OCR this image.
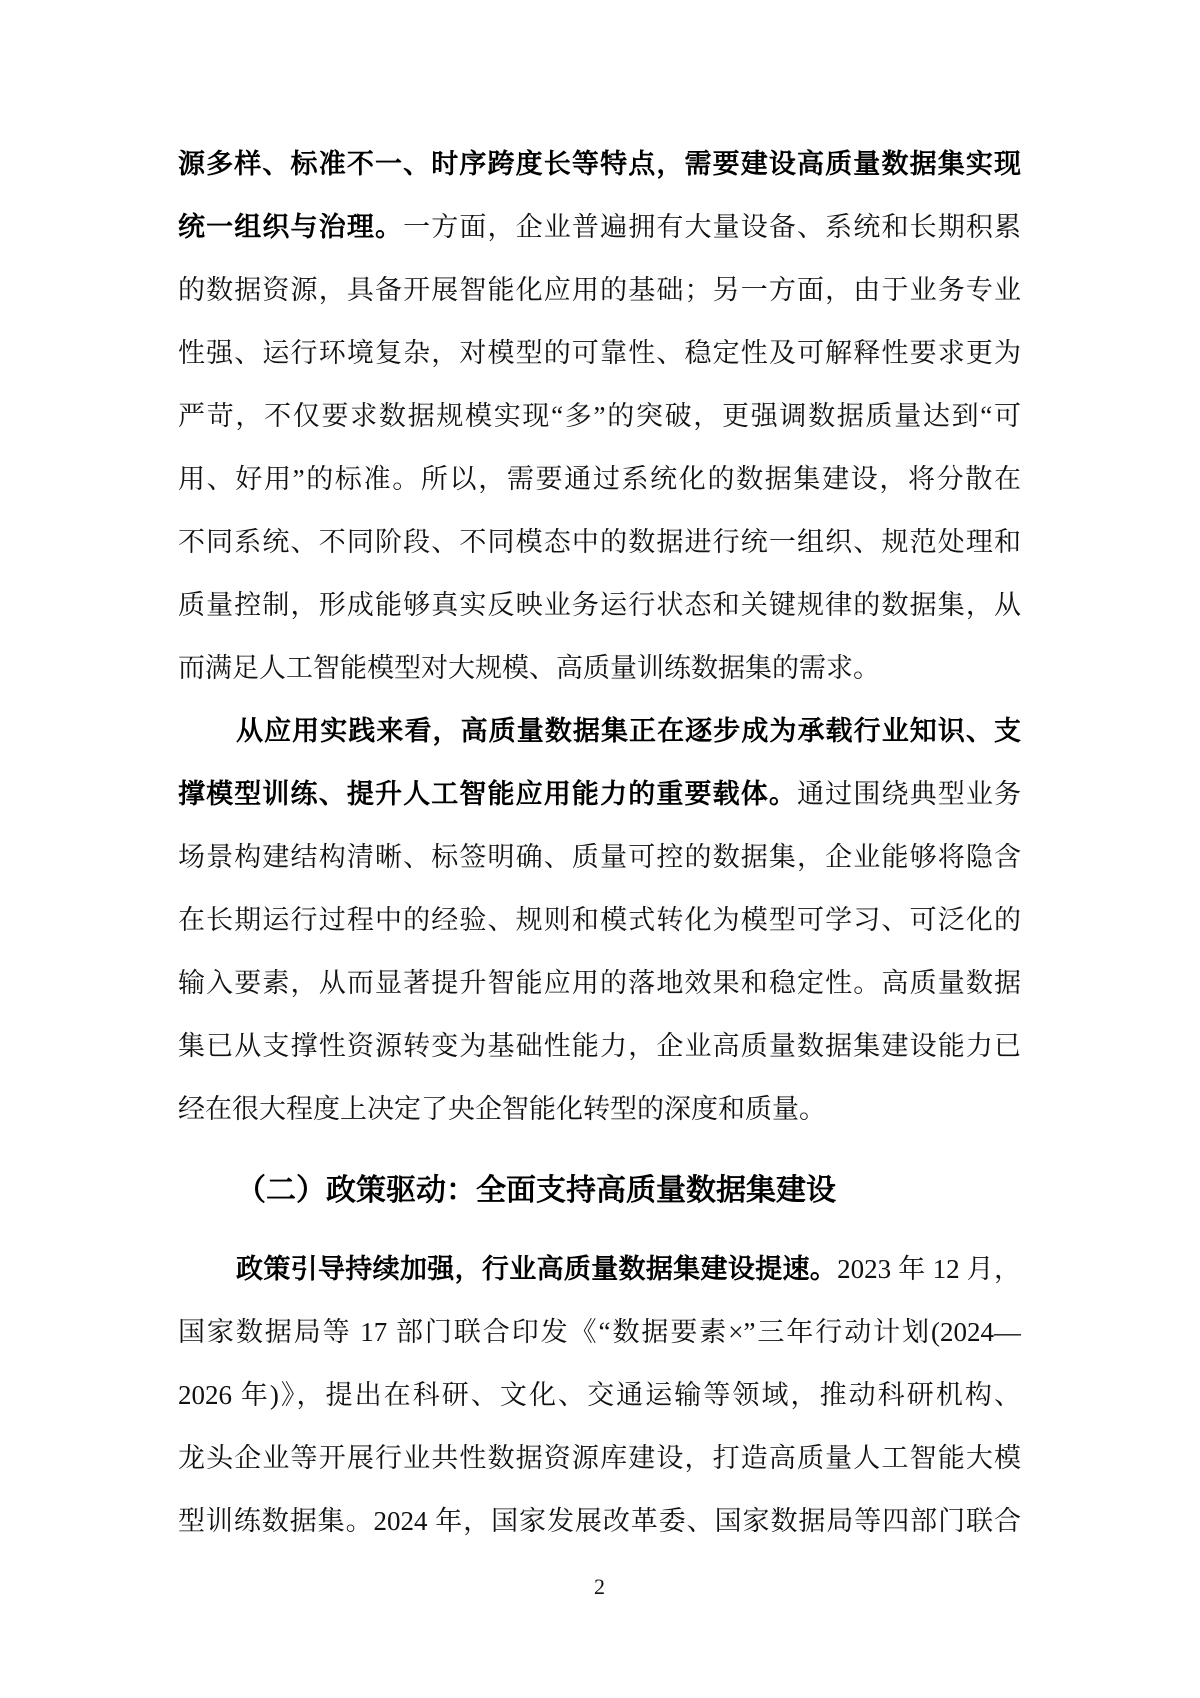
源多样、标准不一、时序跨度长等特点，需要建设高质量数据集实现
统一组织与治理。一方面，企业普遍拥有大量设备、系统和长期积累
的数据资源，具备开展智能化应用的基础；另一方面，由于业务专业
性强、运行环境复杂，对模型的可靠性、稳定性及可解释性要求更为
严苛，不仅要求数据规模实现“多”的突破，更强调数据质量达到“可
用、好用”的标准。所以，需要通过系统化的数据集建设，将分散在
不同系统、不同阶段、不同模态中的数据进行统一组织、规范处理和
质量控制，形成能够真实反映业务运行状态和关键规律的数据集，从
而满足人工智能模型对大规模、高质量训练数据集的需求。
从应用实践来看，高质量数据集正在逐步成为承载行业知识、支
撑模型训练、提升人工智能应用能力的重要载体。通过围绕典型业务
场景构建结构清晰、标签明确、质量可控的数据集，企业能够将隐含
在长期运行过程中的经验、规则和模式转化为模型可学习、可泛化的
输入要素，从而显著提升智能应用的落地效果和稳定性。高质量数据
集已从支撑性资源转变为基础性能力，企业高质量数据集建设能力已
经在很大程度上决定了央企智能化转型的深度和质量。
（二）政策驱动：全面支持高质量数据集建设
政策引导持续加强，行业高质量数据集建设提速。2023 年 12 月，
国家数据局等 17 部门联合印发《“数据要素×”三年行动计划(2024—
2026 年)》，提出在科研、文化、交通运输等领域，推动科研机构、
龙头企业等开展行业共性数据资源库建设，打造高质量人工智能大模
型训练数据集。2024 年，国家发展改革委、国家数据局等四部门联合
2
